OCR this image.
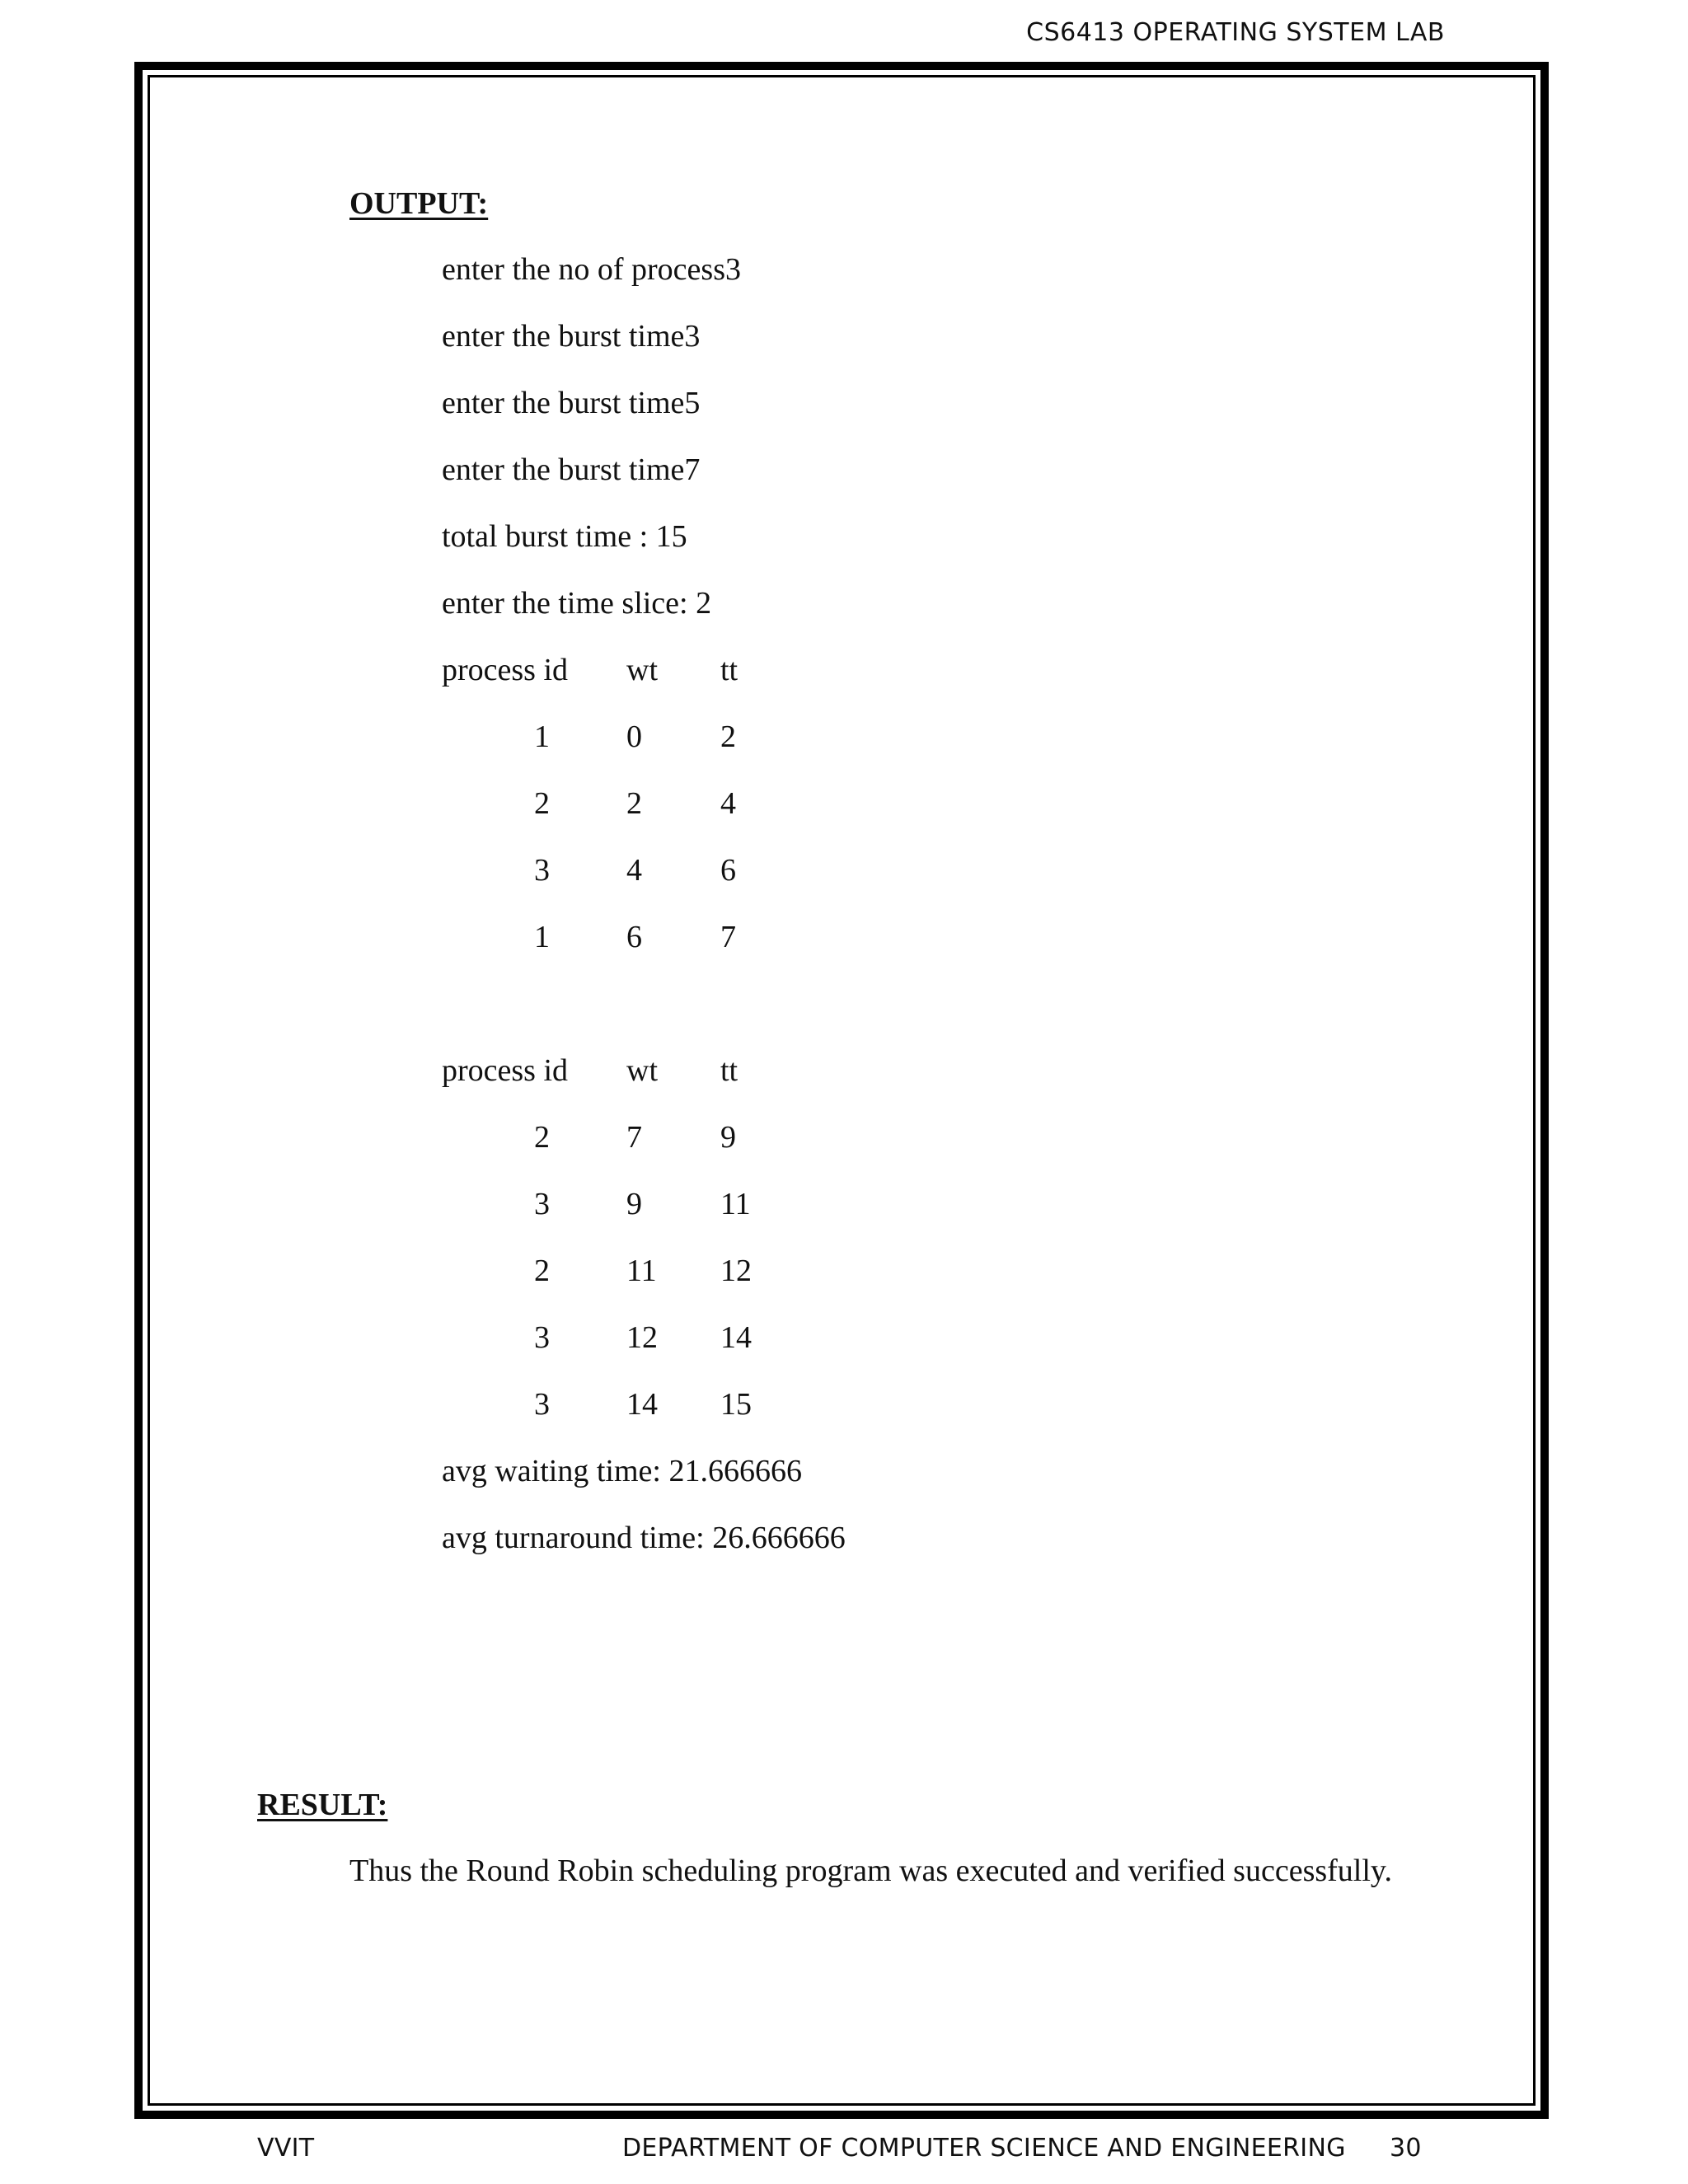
CS6413 OPERATING SYSTEM LAB
OUTPUT:
enter the no of process3
enter the burst time3
enter the burst time5
enter the burst time7
total burst time : 15
enter the time slice: 2
process id wt tt
1 0	2
2 2	4
3 4	6
1 6	7
process id wt tt
2 7	9
3 9	11
2 11 12
3 12 14
3 14 15
avg waiting time: 21.666666
avg turnaround time: 26.666666
RESULT:
Thus the Round Robin scheduling program was executed and verified successfully.
VVIT	DEPARTMENT OF COMPUTER SCIENCE AND ENGINEERING 30
